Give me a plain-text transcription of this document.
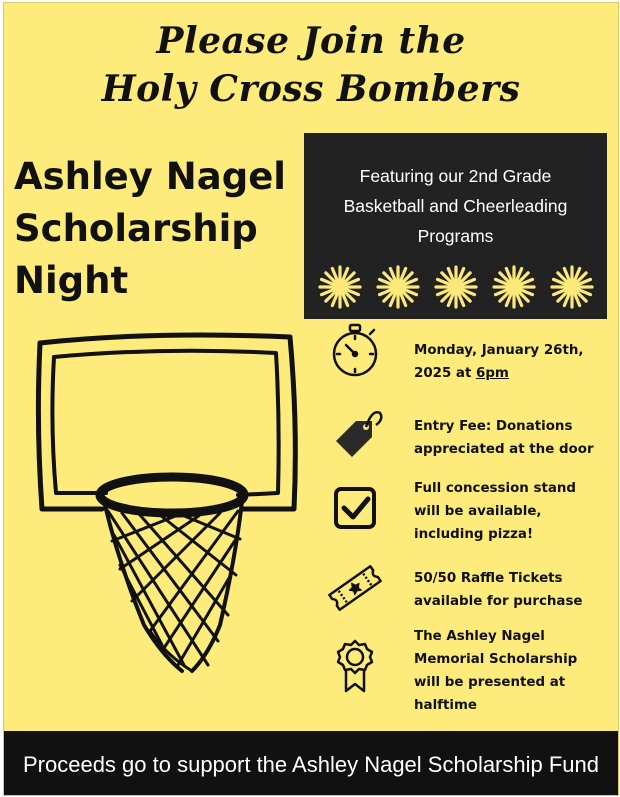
Please Join the
Holy Cross Bombers
Ashley Nagel
Scholarship
Night
Featuring our 2nd Grade
Basketball and Cheerleading
Programs
Monday, January 26th,
2025 at 6pm
Entry Fee: Donations
appreciated at the door
Full concession stand
will be available,
including pizza!
50/50 Raffle Tickets
available for purchase
The Ashley Nagel
Memorial Scholarship
will be presented at
halftime
Proceeds go to support the Ashley Nagel Scholarship Fund
